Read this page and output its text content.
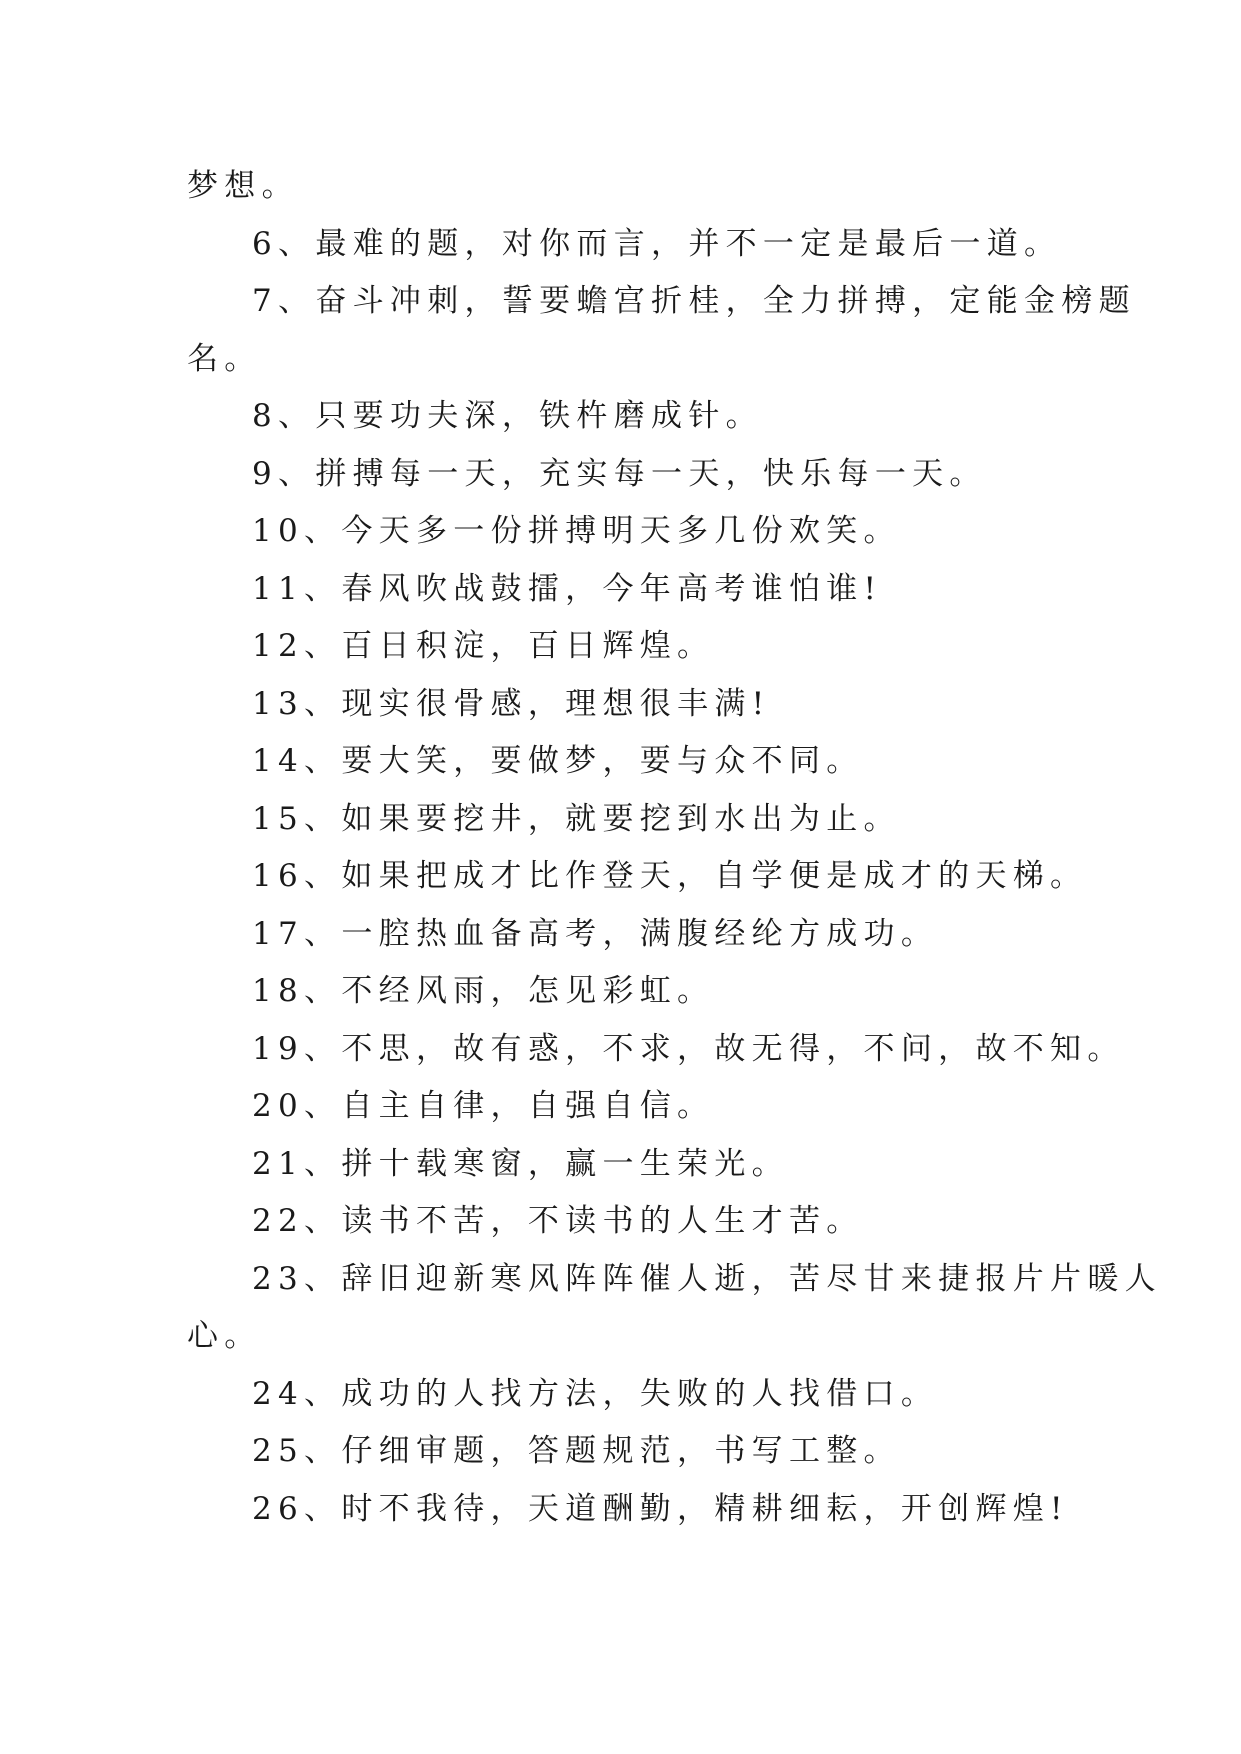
梦想。

6、最难的题，对你而言，并不一定是最后一道。

7、奋斗冲刺，誓要蟾宫折桂，全力拼搏，定能金榜题

名。

8、只要功夫深，铁杵磨成针。

9、拼搏每一天，充实每一天，快乐每一天。

10、今天多一份拼搏明天多几份欢笑。

11、春风吹战鼓擂，今年高考谁怕谁!

12、百日积淀，百日辉煌。

13、现实很骨感，理想很丰满!

14、要大笑，要做梦，要与众不同。

15、如果要挖井，就要挖到水出为止。

16、如果把成才比作登天，自学便是成才的天梯。

17、一腔热血备高考，满腹经纶方成功。

18、不经风雨，怎见彩虹。

19、不思，故有惑，不求，故无得，不问，故不知。

20、自主自律，自强自信。

21、拼十载寒窗，赢一生荣光。

22、读书不苦，不读书的人生才苦。

23、辞旧迎新寒风阵阵催人逝，苦尽甘来捷报片片暖人

心。

24、成功的人找方法，失败的人找借口。

25、仔细审题，答题规范，书写工整。

26、时不我待，天道酬勤，精耕细耘，开创辉煌!
